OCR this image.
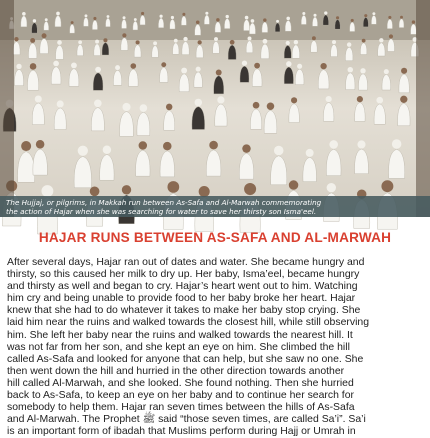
The Hujjaj, or pilgrims, in Makkah run between As-Safa and Al-Marwah commemorating
the action of Hajar when she was searching for water to save her thirsty son Isma'eel.
HAJAR RUNS BETWEEN AS-SAFA AND AL-MARWAH
After several days, Hajar ran out of dates and water. She became hungry and
thirsty, so this caused her milk to dry up. Her baby, Isma’eel, became hungry
and thirsty as well and began to cry. Hajar’s heart went out to him. Watching
him cry and being unable to provide food to her baby broke her heart. Hajar
knew that she had to do whatever it takes to make her baby stop crying. She
laid him near the ruins and walked towards the closest hill, while still observing
him. She left her baby near the ruins and walked towards the nearest hill. It
was not far from her son, and she kept an eye on him. She climbed the hill
called As-Safa and looked for anyone that can help, but she saw no one. She
then went down the hill and hurried in the other direction towards another
hill called Al-Marwah, and she looked. She found nothing. Then she hurried
back to As-Safa, to keep an eye on her baby and to continue her search for
somebody to help them. Hajar ran seven times between the hills of As-Safa
and Al-Marwah. The Prophet ﷺ said “those seven times, are called Sa’i”. Sa’i
is an important form of ibadah that Muslims perform during Hajj or Umrah in
